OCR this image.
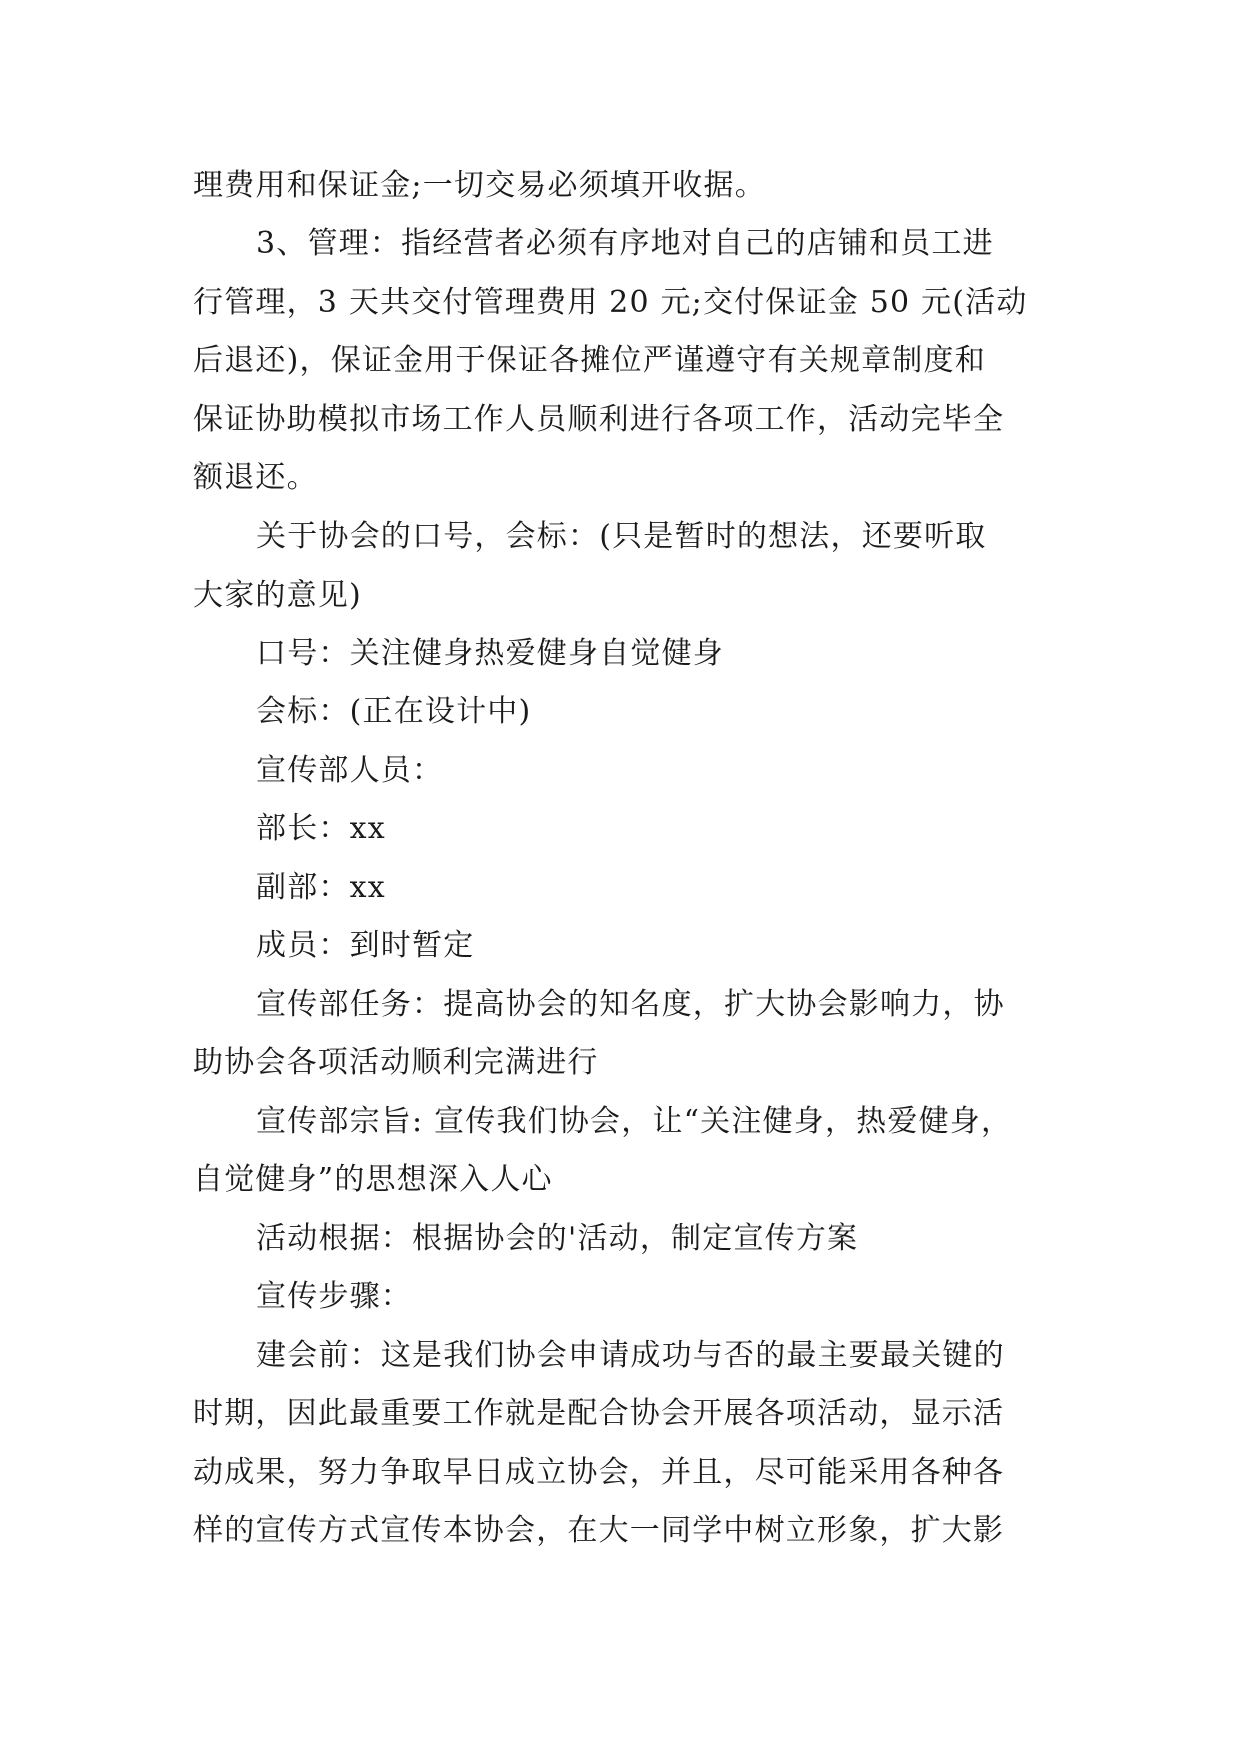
理费用和保证金;一切交易必须填开收据。
3、管理：指经营者必须有序地对自己的店铺和员工进
行管理，3 天共交付管理费用 20 元;交付保证金 50 元(活动
后退还)，保证金用于保证各摊位严谨遵守有关规章制度和
保证协助模拟市场工作人员顺利进行各项工作，活动完毕全
额退还。
关于协会的口号，会标：(只是暂时的想法，还要听取
大家的意见)
口号：关注健身热爱健身自觉健身
会标：(正在设计中)
宣传部人员：
部长：xx
副部：xx
成员：到时暂定
宣传部任务：提高协会的知名度，扩大协会影响力，协
助协会各项活动顺利完满进行
宣传部宗旨: 宣传我们协会，让“关注健身，热爱健身，
自觉健身”的思想深入人心
活动根据：根据协会的'活动，制定宣传方案
宣传步骤：
建会前：这是我们协会申请成功与否的最主要最关键的
时期，因此最重要工作就是配合协会开展各项活动，显示活
动成果，努力争取早日成立协会，并且，尽可能采用各种各
样的宣传方式宣传本协会，在大一同学中树立形象，扩大影
